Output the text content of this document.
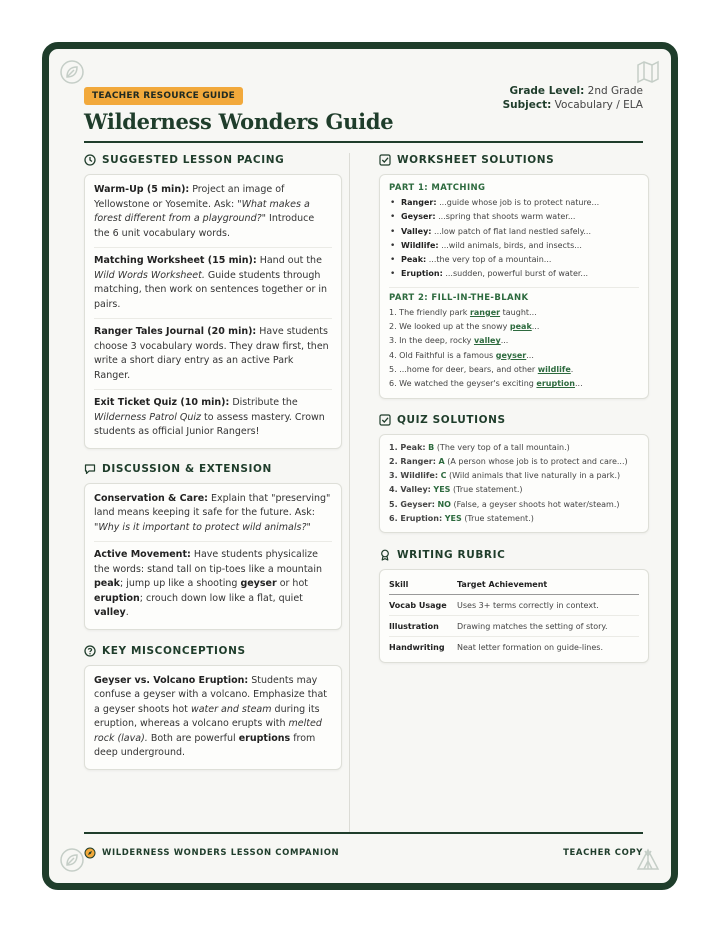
TEACHER RESOURCE GUIDE
Wilderness Wonders Guide
Grade Level: 2nd Grade
Subject: Vocabulary / ELA
SUGGESTED LESSON PACING
Warm-Up (5 min): Project an image of Yellowstone or Yosemite. Ask: "What makes a forest different from a playground?" Introduce the 6 unit vocabulary words.
Matching Worksheet (15 min): Hand out the Wild Words Worksheet. Guide students through matching, then work on sentences together or in pairs.
Ranger Tales Journal (20 min): Have students choose 3 vocabulary words. They draw first, then write a short diary entry as an active Park Ranger.
Exit Ticket Quiz (10 min): Distribute the Wilderness Patrol Quiz to assess mastery. Crown students as official Junior Rangers!
DISCUSSION & EXTENSION
Conservation & Care: Explain that "preserving" land means keeping it safe for the future. Ask: "Why is it important to protect wild animals?"
Active Movement: Have students physicalize the words: stand tall on tip-toes like a mountain peak; jump up like a shooting geyser or hot eruption; crouch down low like a flat, quiet valley.
KEY MISCONCEPTIONS
Geyser vs. Volcano Eruption: Students may confuse a geyser with a volcano. Emphasize that a geyser shoots hot water and steam during its eruption, whereas a volcano erupts with melted rock (lava). Both are powerful eruptions from deep underground.
WORKSHEET SOLUTIONS
PART 1: MATCHING
• Ranger: ...guide whose job is to protect nature...
• Geyser: ...spring that shoots warm water...
• Valley: ...low patch of flat land nestled safely...
• Wildlife: ...wild animals, birds, and insects...
• Peak: ...the very top of a mountain...
• Eruption: ...sudden, powerful burst of water...
PART 2: FILL-IN-THE-BLANK
1. The friendly park ranger taught...
2. We looked up at the snowy peak...
3. In the deep, rocky valley...
4. Old Faithful is a famous geyser...
5. ...home for deer, bears, and other wildlife.
6. We watched the geyser's exciting eruption...
QUIZ SOLUTIONS
1. Peak: B (The very top of a tall mountain.)
2. Ranger: A (A person whose job is to protect and care...)
3. Wildlife: C (Wild animals that live naturally in a park.)
4. Valley: YES (True statement.)
5. Geyser: NO (False, a geyser shoots hot water/steam.)
6. Eruption: YES (True statement.)
WRITING RUBRIC
Skill	Target Achievement
Vocab Usage	Uses 3+ terms correctly in context.
Illustration	Drawing matches the setting of story.
Handwriting	Neat letter formation on guide-lines.
WILDERNESS WONDERS LESSON COMPANION	TEACHER COPY
